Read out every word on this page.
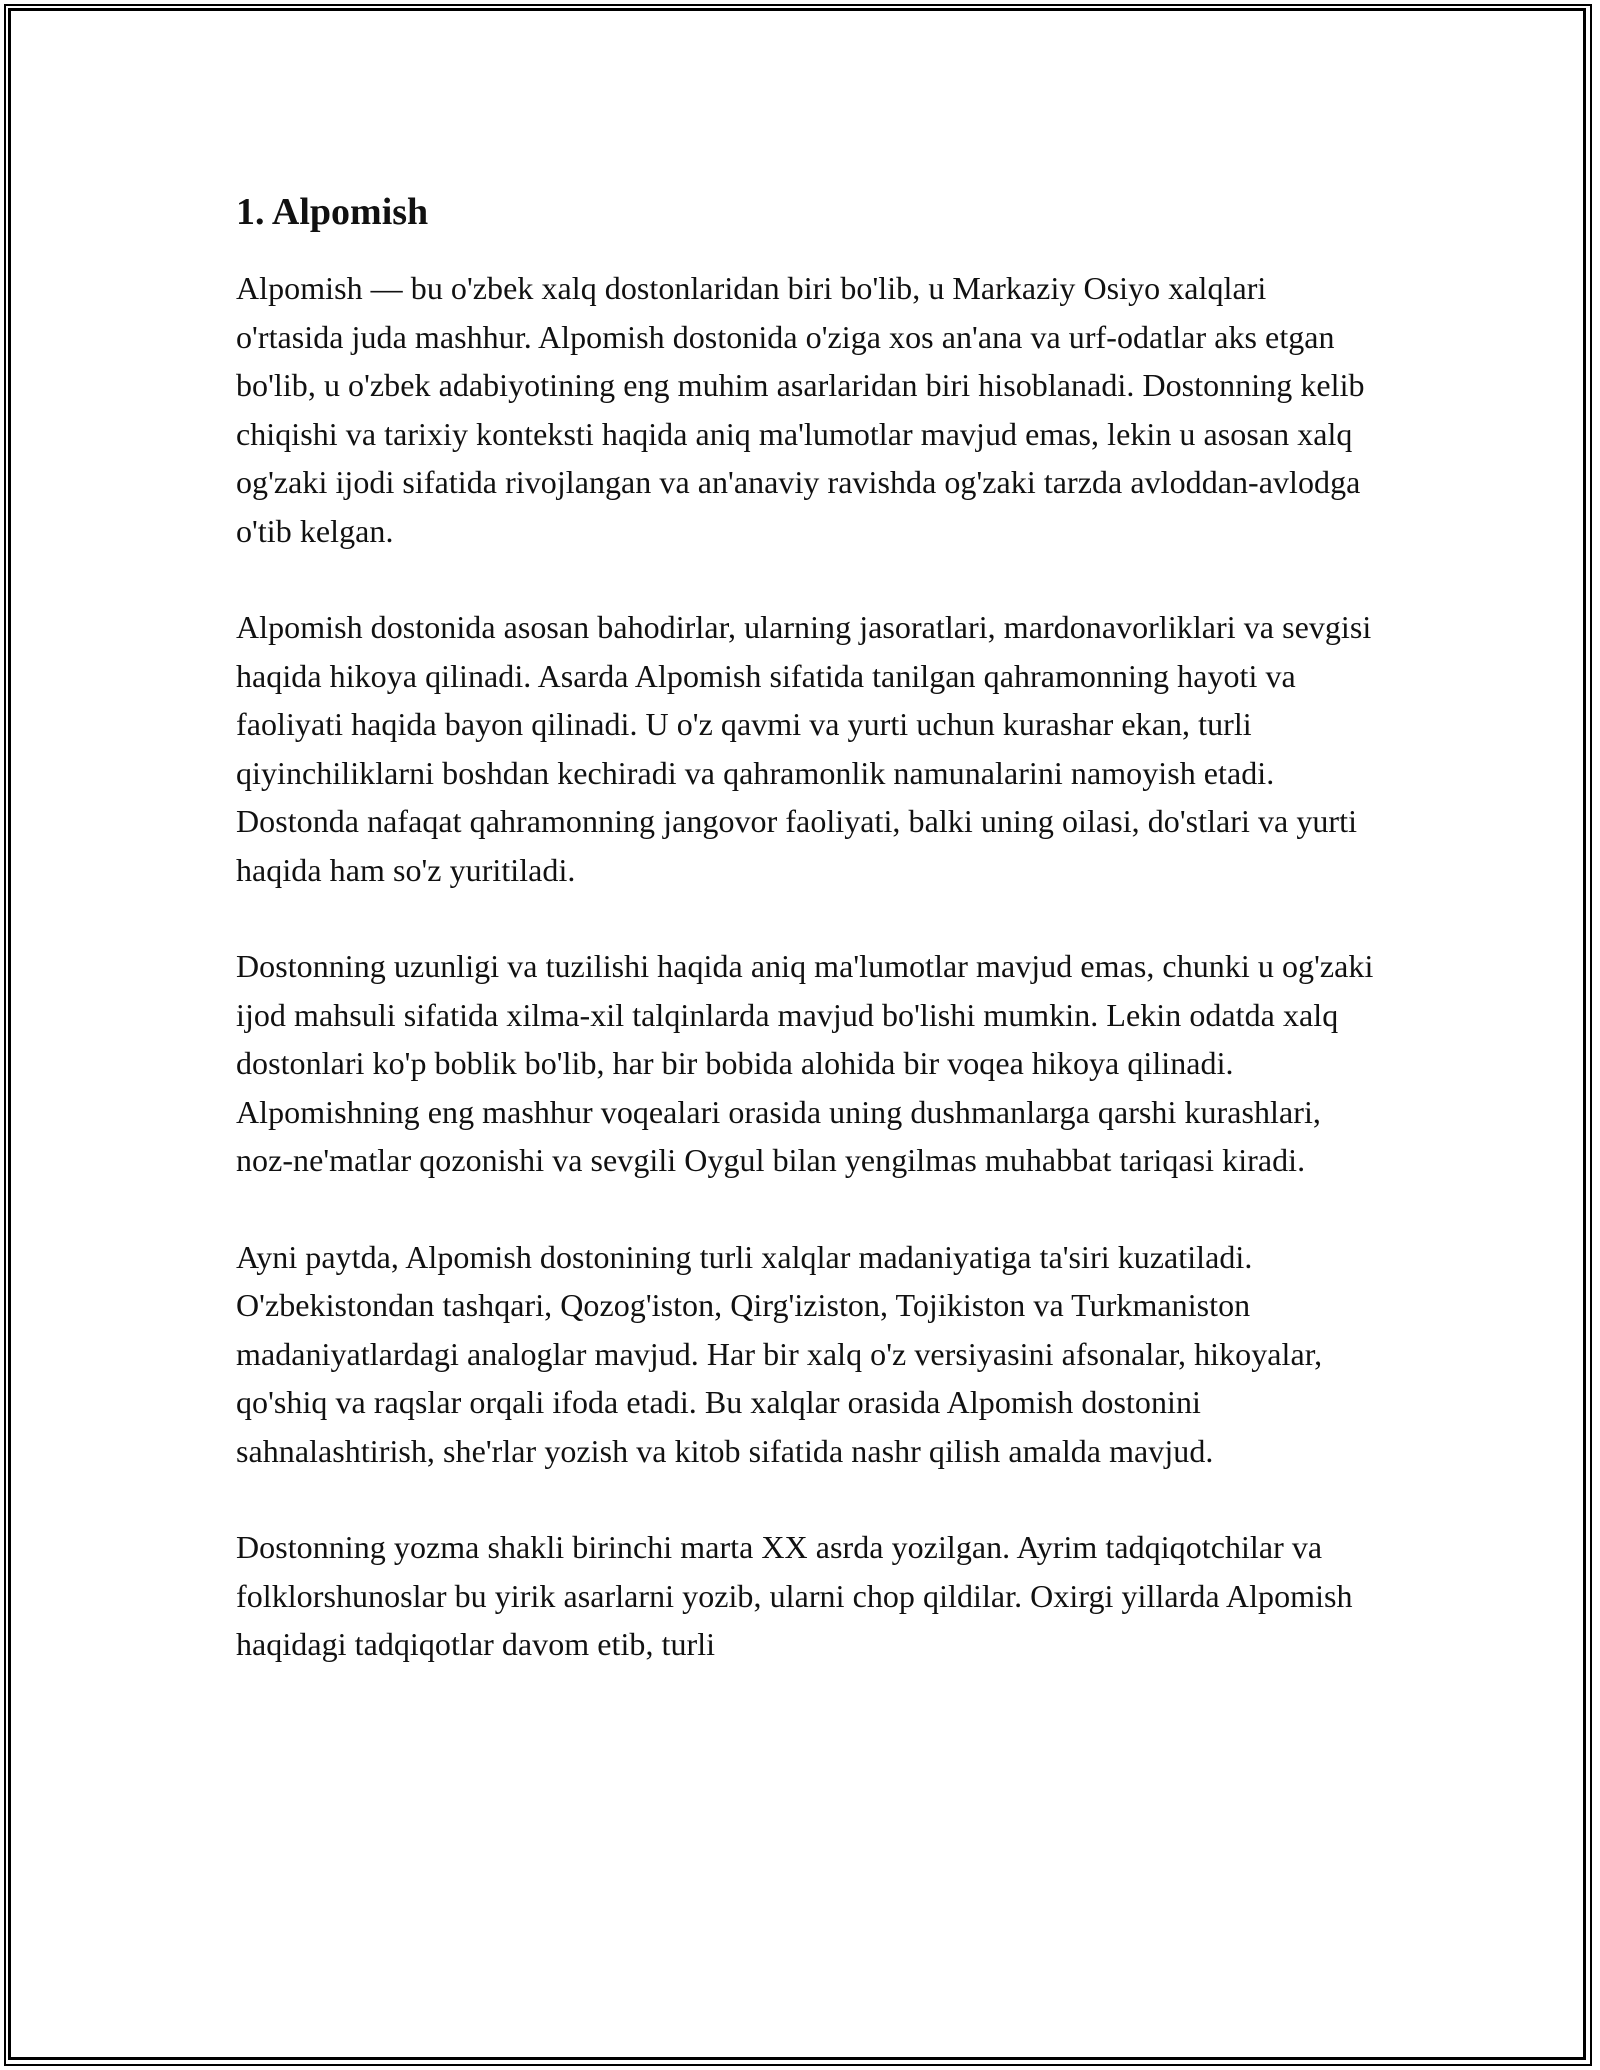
1. Alpomish

Alpomish — bu o'zbek xalq dostonlaridan biri bo'lib, u Markaziy Osiyo xalqlari o'rtasida juda mashhur. Alpomish dostonida o'ziga xos an'ana va urf-odatlar aks etgan bo'lib, u o'zbek adabiyotining eng muhim asarlaridan biri hisoblanadi. Dostonning kelib chiqishi va tarixiy konteksti haqida aniq ma'lumotlar mavjud emas, lekin u asosan xalq og'zaki ijodi sifatida rivojlangan va an'anaviy ravishda og'zaki tarzda avloddan-avlodga o'tib kelgan.

Alpomish dostonida asosan bahodirlar, ularning jasoratlari, mardonavorliklari va sevgisi haqida hikoya qilinadi. Asarda Alpomish sifatida tanilgan qahramonning hayoti va faoliyati haqida bayon qilinadi. U o'z qavmi va yurti uchun kurashar ekan, turli qiyinchiliklarni boshdan kechiradi va qahramonlik namunalarini namoyish etadi. Dostonda nafaqat qahramonning jangovor faoliyati, balki uning oilasi, do'stlari va yurti haqida ham so'z yuritiladi.

Dostonning uzunligi va tuzilishi haqida aniq ma'lumotlar mavjud emas, chunki u og'zaki ijod mahsuli sifatida xilma-xil talqinlarda mavjud bo'lishi mumkin. Lekin odatda xalq dostonlari ko'p boblik bo'lib, har bir bobida alohida bir voqea hikoya qilinadi. Alpomishning eng mashhur voqealari orasida uning dushmanlarga qarshi kurashlari, noz-ne'matlar qozonishi va sevgili Oygul bilan yengilmas muhabbat tariqasi kiradi.

Ayni paytda, Alpomish dostonining turli xalqlar madaniyatiga ta'siri kuzatiladi. O'zbekistondan tashqari, Qozog'iston, Qirg'iziston, Tojikiston va Turkmaniston madaniyatlardagi analoglar mavjud. Har bir xalq o'z versiyasini afsonalar, hikoyalar, qo'shiq va raqslar orqali ifoda etadi. Bu xalqlar orasida Alpomish dostonini sahnalashtirish, she'rlar yozish va kitob sifatida nashr qilish amalda mavjud.

Dostonning yozma shakli birinchi marta XX asrda yozilgan. Ayrim tadqiqotchilar va folklorshunoslar bu yirik asarlarni yozib, ularni chop qildilar. Oxirgi yillarda Alpomish haqidagi tadqiqotlar davom etib, turli
